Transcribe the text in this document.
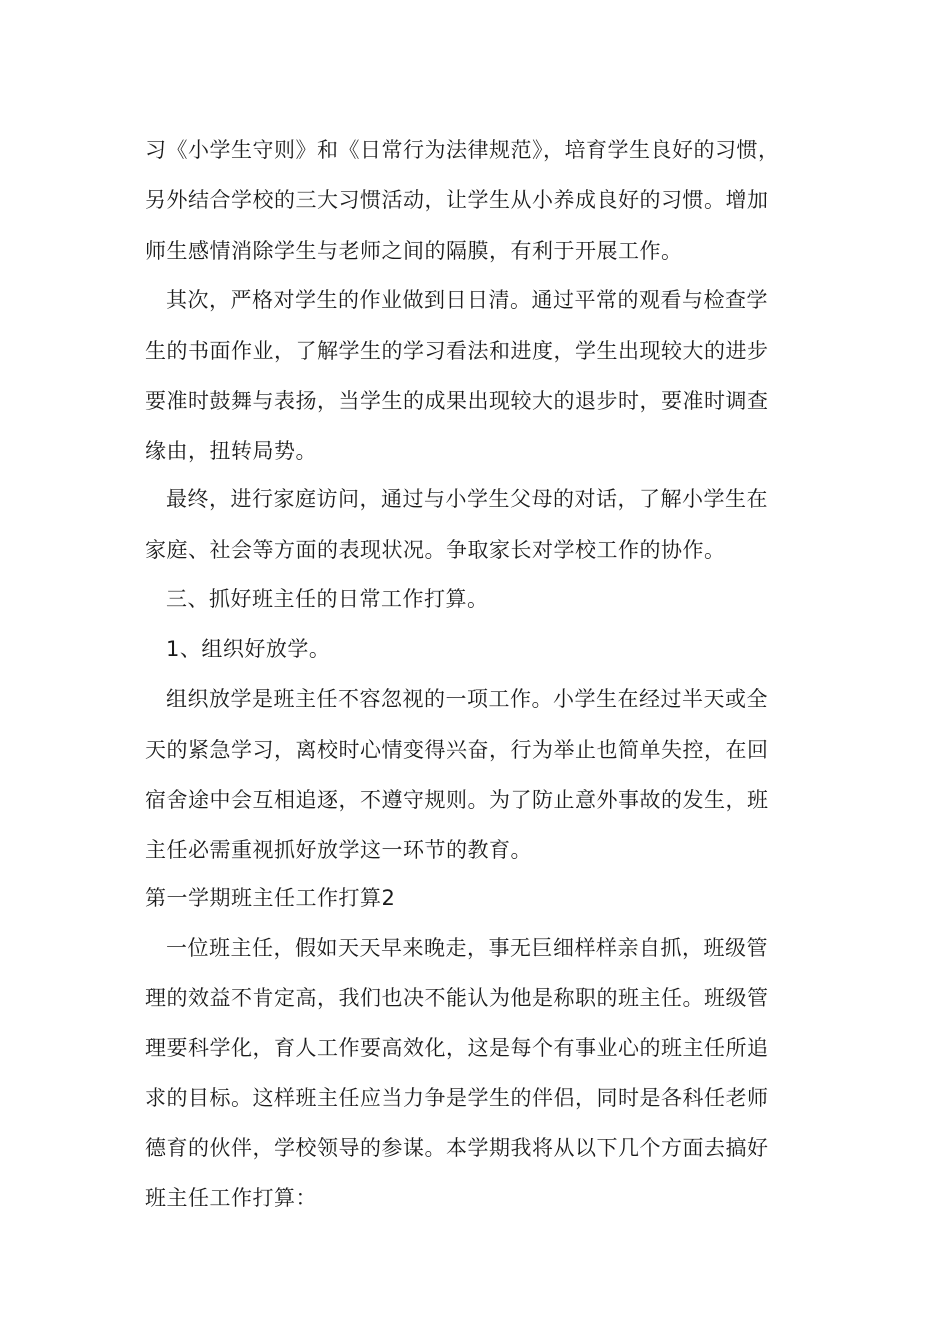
习《小学生守则》和《日常行为法律规范》，培育学生良好的习惯，
另外结合学校的三大习惯活动，让学生从小养成良好的习惯。增加
师生感情消除学生与老师之间的隔膜，有利于开展工作。
其次，严格对学生的作业做到日日清。通过平常的观看与检查学
生的书面作业，了解学生的学习看法和进度，学生出现较大的进步
要准时鼓舞与表扬，当学生的成果出现较大的退步时，要准时调查
缘由，扭转局势。
最终，进行家庭访问，通过与小学生父母的对话，了解小学生在
家庭、社会等方面的表现状况。争取家长对学校工作的协作。
三、抓好班主任的日常工作打算。
1、组织好放学。
组织放学是班主任不容忽视的一项工作。小学生在经过半天或全
天的紧急学习，离校时心情变得兴奋，行为举止也简单失控，在回
宿舍途中会互相追逐，不遵守规则。为了防止意外事故的发生，班
主任必需重视抓好放学这一环节的教育。
第一学期班主任工作打算2
一位班主任，假如天天早来晚走，事无巨细样样亲自抓，班级管
理的效益不肯定高，我们也决不能认为他是称职的班主任。班级管
理要科学化，育人工作要高效化，这是每个有事业心的班主任所追
求的目标。这样班主任应当力争是学生的伴侣，同时是各科任老师
德育的伙伴，学校领导的参谋。本学期我将从以下几个方面去搞好
班主任工作打算：
